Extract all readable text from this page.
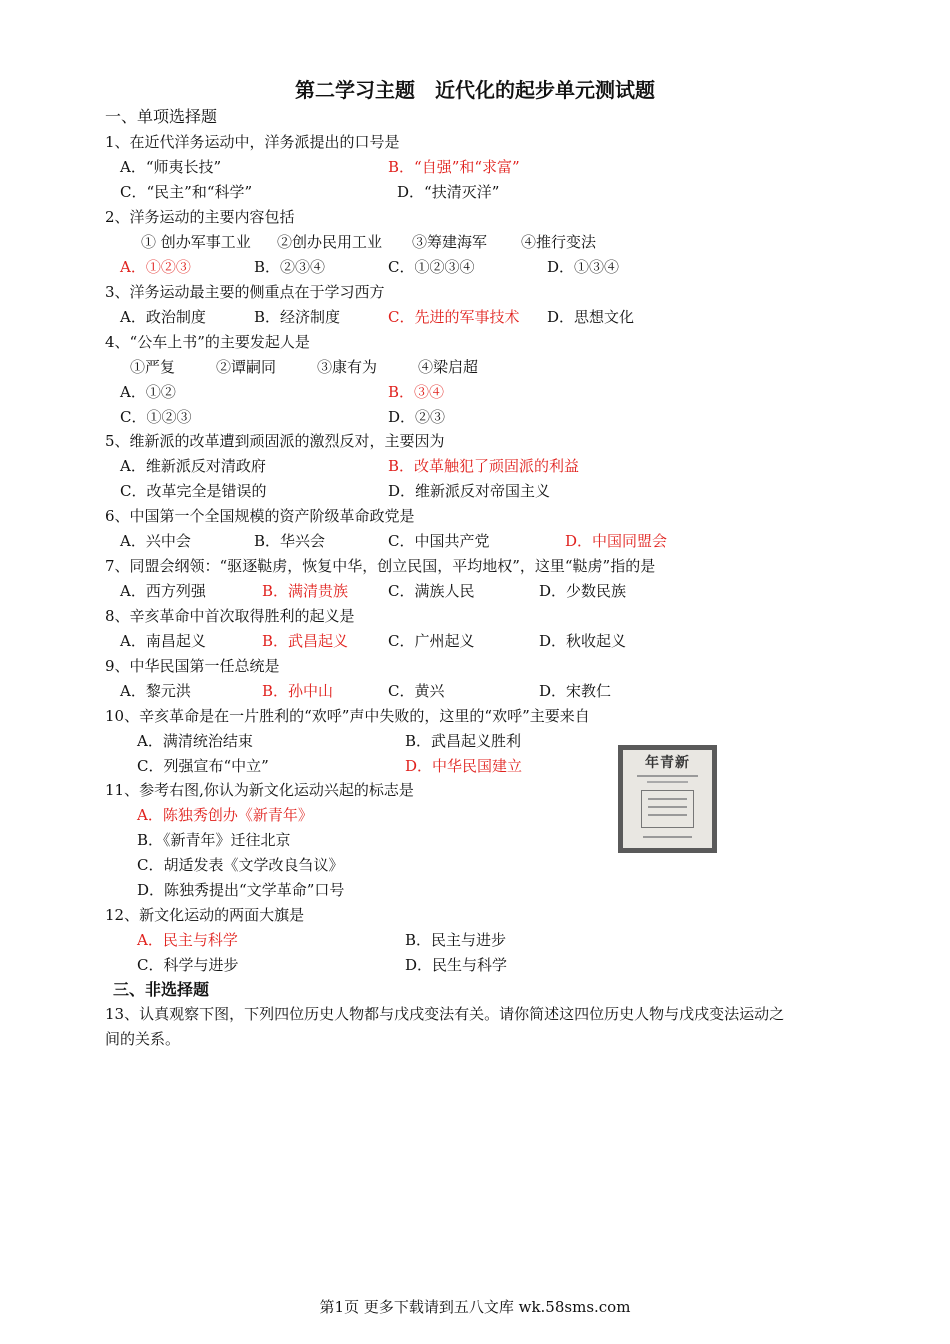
第二学习主题　近代化的起步单元测试题
一、单项选择题
1、在近代洋务运动中，洋务派提出的口号是
A．“师夷长技”	B．“自强”和“求富”
C．“民主”和“科学”	D．“扶清灭洋”
2、洋务运动的主要内容包括
① 创办军事工业 ②创办民用工业 ③筹建海军 ④推行变法
A．①②③	B．②③④	C．①②③④	D．①③④
3、洋务运动最主要的侧重点在于学习西方
A．政治制度	B．经济制度	C．先进的军事技术 D．思想文化
4、“公车上书”的主要发起人是
①严复	②谭嗣同	③康有为	④梁启超
A．①②	B．③④
C．①②③	D．②③
5、维新派的改革遭到顽固派的激烈反对，主要因为
A．维新派反对清政府	B．改革触犯了顽固派的利益
C．改革完全是错误的	D．维新派反对帝国主义
6、中国第一个全国规模的资产阶级革命政党是
A．兴中会	B．华兴会	C．中国共产党	D．中国同盟会
7、同盟会纲领：“驱逐鞑虏，恢复中华，创立民国，平均地权”，这里“鞑虏”指的是
A．西方列强	B．满清贵族	C．满族人民	D．少数民族
8、辛亥革命中首次取得胜利的起义是
A．南昌起义	B．武昌起义	C．广州起义	D．秋收起义
9、中华民国第一任总统是
A．黎元洪	B．孙中山	C．黄兴	D．宋教仁
10、辛亥革命是在一片胜利的“欢呼”声中失败的，这里的“欢呼”主要来自
A．满清统治结束	B．武昌起义胜利
C．列强宣布“中立”	D．中华民国建立	年青新
11、参考右图,你认为新文化运动兴起的标志是
A．陈独秀创办《新青年》
B．《新青年》迁往北京
C．胡适发表《文学改良刍议》
D．陈独秀提出“文学革命”口号
12、新文化运动的两面大旗是
A．民主与科学	B．民主与进步
C．科学与进步	D．民生与科学
三、非选择题
13、认真观察下图，下列四位历史人物都与戊戌变法有关。请你简述这四位历史人物与戊戌变法运动之
间的关系。
第1页 更多下载请到五八文库 wk.58sms.com
